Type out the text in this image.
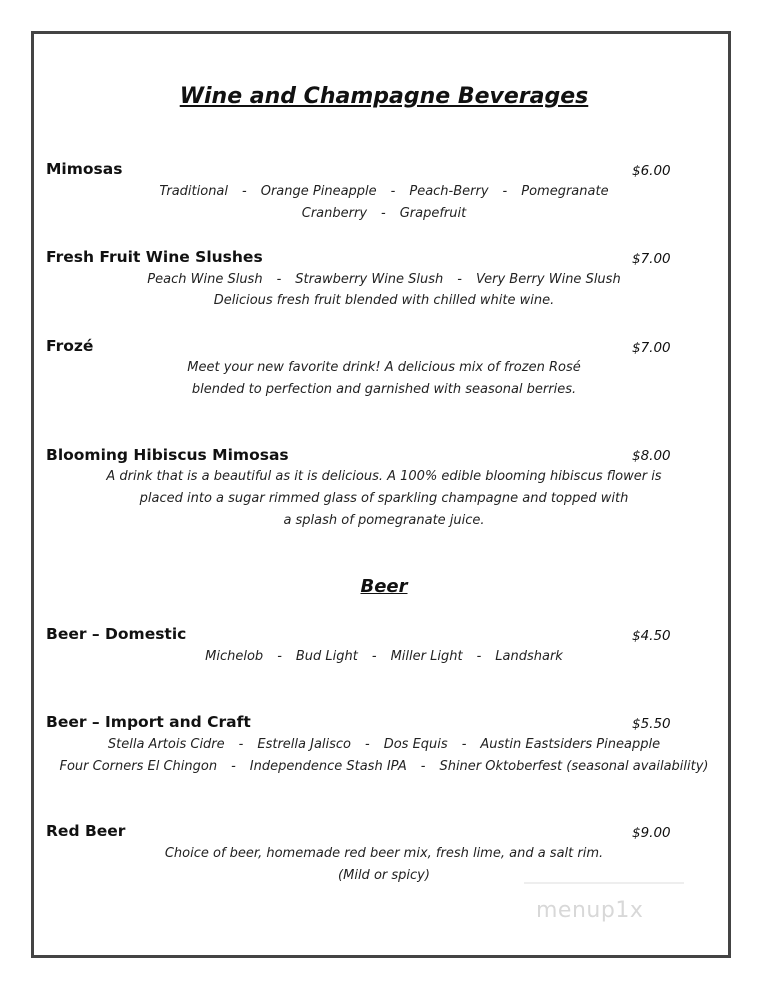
Wine and Champagne Beverages
Mimosas	$6.00
Traditional - Orange Pineapple - Peach-Berry - Pomegranate
Cranberry - Grapefruit
Fresh Fruit Wine Slushes	$7.00
Peach Wine Slush - Strawberry Wine Slush - Very Berry Wine Slush
Delicious fresh fruit blended with chilled white wine.
Frozé	$7.00
Meet your new favorite drink! A delicious mix of frozen Rosé
blended to perfection and garnished with seasonal berries.
Blooming Hibiscus Mimosas	$8.00
A drink that is a beautiful as it is delicious. A 100% edible blooming hibiscus flower is
placed into a sugar rimmed glass of sparkling champagne and topped with
a splash of pomegranate juice.
Beer
Beer – Domestic	$4.50
Michelob - Bud Light - Miller Light - Landshark
Beer – Import and Craft	$5.50
Stella Artois Cidre - Estrella Jalisco - Dos Equis - Austin Eastsiders Pineapple
Four Corners El Chingon - Independence Stash IPA - Shiner Oktoberfest (seasonal availability)
Red Beer	$9.00
Choice of beer, homemade red beer mix, fresh lime, and a salt rim.
(Mild or spicy)
menup1x
